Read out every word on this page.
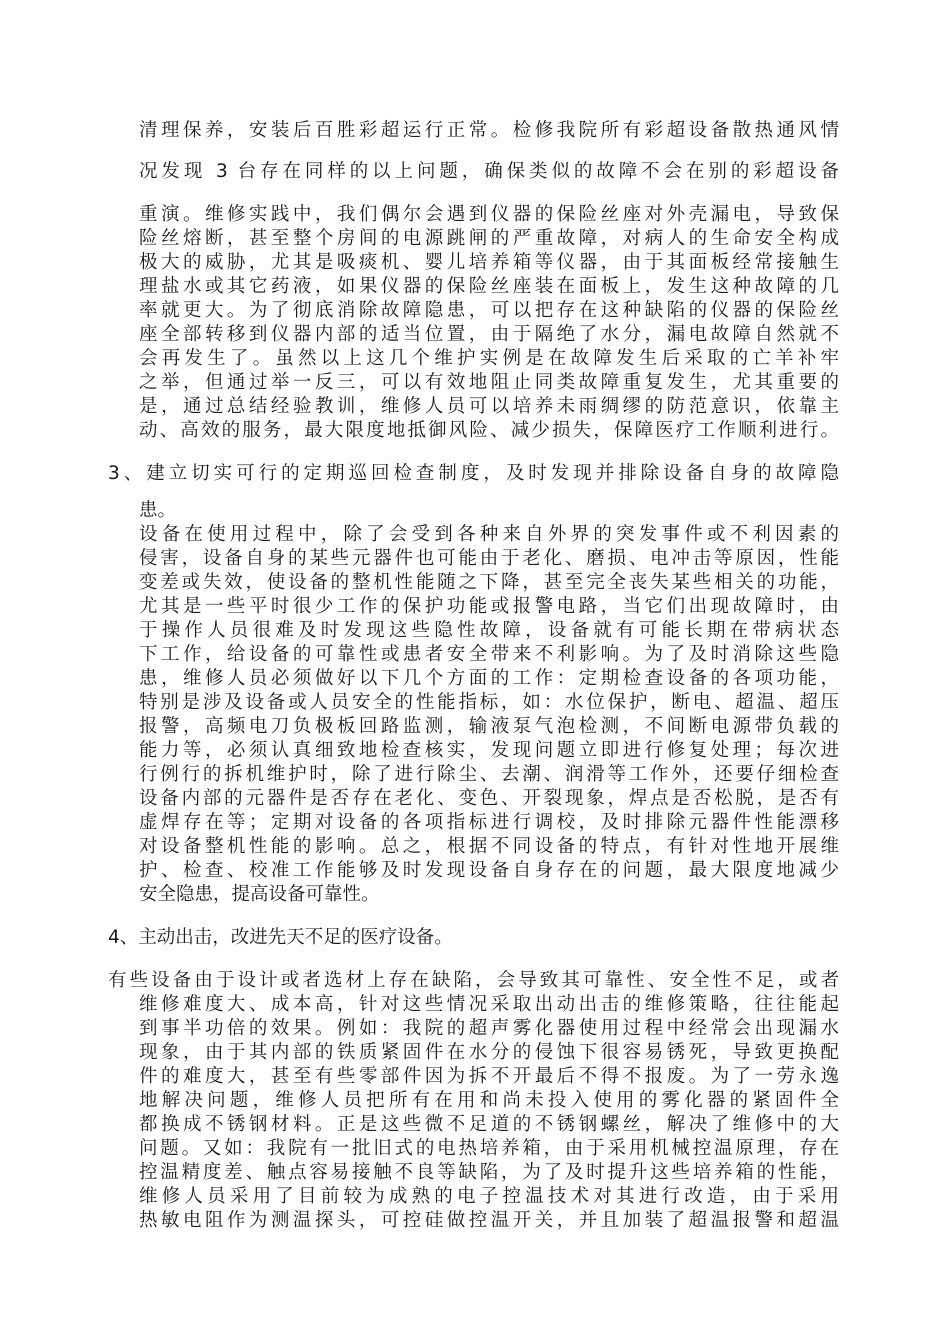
清理保养，安装后百胜彩超运行正常。检修我院所有彩超设备散热通风情
况发现 3 台存在同样的以上问题，确保类似的故障不会在别的彩超设备
重演。维修实践中，我们偶尔会遇到仪器的保险丝座对外壳漏电，导致保
险丝熔断，甚至整个房间的电源跳闸的严重故障，对病人的生命安全构成
极大的威胁，尤其是吸痰机、婴儿培养箱等仪器，由于其面板经常接触生
理盐水或其它药液，如果仪器的保险丝座装在面板上，发生这种故障的几
率就更大。为了彻底消除故障隐患，可以把存在这种缺陷的仪器的保险丝
座全部转移到仪器内部的适当位置，由于隔绝了水分，漏电故障自然就不
会再发生了。虽然以上这几个维护实例是在故障发生后采取的亡羊补牢
之举，但通过举一反三，可以有效地阻止同类故障重复发生，尤其重要的
是，通过总结经验教训，维修人员可以培养未雨绸缪的防范意识，依靠主
动、高效的服务，最大限度地抵御风险、减少损失，保障医疗工作顺利进行。
3、建立切实可行的定期巡回检查制度，及时发现并排除设备自身的故障隐
患。
设备在使用过程中，除了会受到各种来自外界的突发事件或不利因素的
侵害，设备自身的某些元器件也可能由于老化、磨损、电冲击等原因，性能
变差或失效，使设备的整机性能随之下降，甚至完全丧失某些相关的功能，
尤其是一些平时很少工作的保护功能或报警电路，当它们出现故障时，由
于操作人员很难及时发现这些隐性故障，设备就有可能长期在带病状态
下工作，给设备的可靠性或患者安全带来不利影响。为了及时消除这些隐
患，维修人员必须做好以下几个方面的工作：定期检查设备的各项功能，
特别是涉及设备或人员安全的性能指标，如：水位保护，断电、超温、超压
报警，高频电刀负极板回路监测，输液泵气泡检测，不间断电源带负载的
能力等，必须认真细致地检查核实，发现问题立即进行修复处理；每次进
行例行的拆机维护时，除了进行除尘、去潮、润滑等工作外，还要仔细检查
设备内部的元器件是否存在老化、变色、开裂现象，焊点是否松脱，是否有
虚焊存在等；定期对设备的各项指标进行调校，及时排除元器件性能漂移
对设备整机性能的影响。总之，根据不同设备的特点，有针对性地开展维
护、检查、校准工作能够及时发现设备自身存在的问题，最大限度地减少
安全隐患，提高设备可靠性。
4、主动出击，改进先天不足的医疗设备。
有些设备由于设计或者选材上存在缺陷，会导致其可靠性、安全性不足，或者
维修难度大、成本高，针对这些情况采取出动出击的维修策略，往往能起
到事半功倍的效果。例如：我院的超声雾化器使用过程中经常会出现漏水
现象，由于其内部的铁质紧固件在水分的侵蚀下很容易锈死，导致更换配
件的难度大，甚至有些零部件因为拆不开最后不得不报废。为了一劳永逸
地解决问题，维修人员把所有在用和尚未投入使用的雾化器的紧固件全
都换成不锈钢材料。正是这些微不足道的不锈钢螺丝，解决了维修中的大
问题。又如：我院有一批旧式的电热培养箱，由于采用机械控温原理，存在
控温精度差、触点容易接触不良等缺陷，为了及时提升这些培养箱的性能，
维修人员采用了目前较为成熟的电子控温技术对其进行改造，由于采用
热敏电阻作为测温探头，可控硅做控温开关，并且加装了超温报警和超温
